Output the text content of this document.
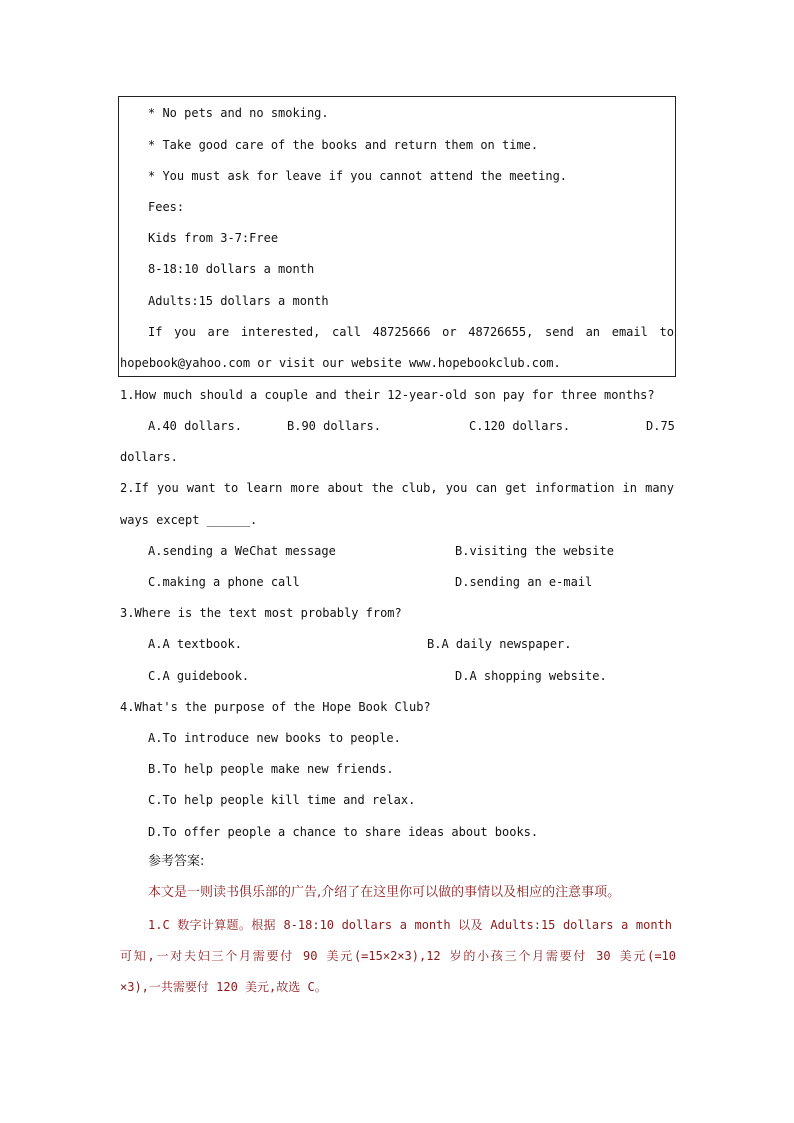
* No pets and no smoking.
* Take good care of the books and return them on time.
* You must ask for leave if you cannot attend the meeting.
Fees:
Kids from 3-7:Free
8-18:10 dollars a month
Adults:15 dollars a month
If you are interested, call 48725666 or 48726655, send an email to
hopebook@yahoo.com or visit our website www.hopebookclub.com.
1.How much should a couple and their 12-year-old son pay for three months?
A.40 dollars.	B.90 dollars.	C.120 dollars.	D.75
dollars.
2.If you want to learn more about the club, you can get information in many
ways except ______.
A.sending a WeChat message	B.visiting the website
C.making a phone call	D.sending an e-mail
3.Where is the text most probably from?
A.A textbook.	B.A daily newspaper.
C.A guidebook.	D.A shopping website.
4.What's the purpose of the Hope Book Club?
A.To introduce new books to people.
B.To help people make new friends.
C.To help people kill time and relax.
D.To offer people a chance to share ideas about books.
参考答案:
本文是一则读书俱乐部的广告,介绍了在这里你可以做的事情以及相应的注意事项。
1.C 数字计算题。根据 8-18:10 dollars a month 以及 Adults:15 dollars a month
可知,一对夫妇三个月需要付 90 美元(=15×2×3),12 岁的小孩三个月需要付 30 美元(=10
×3),一共需要付 120 美元,故选 C。
